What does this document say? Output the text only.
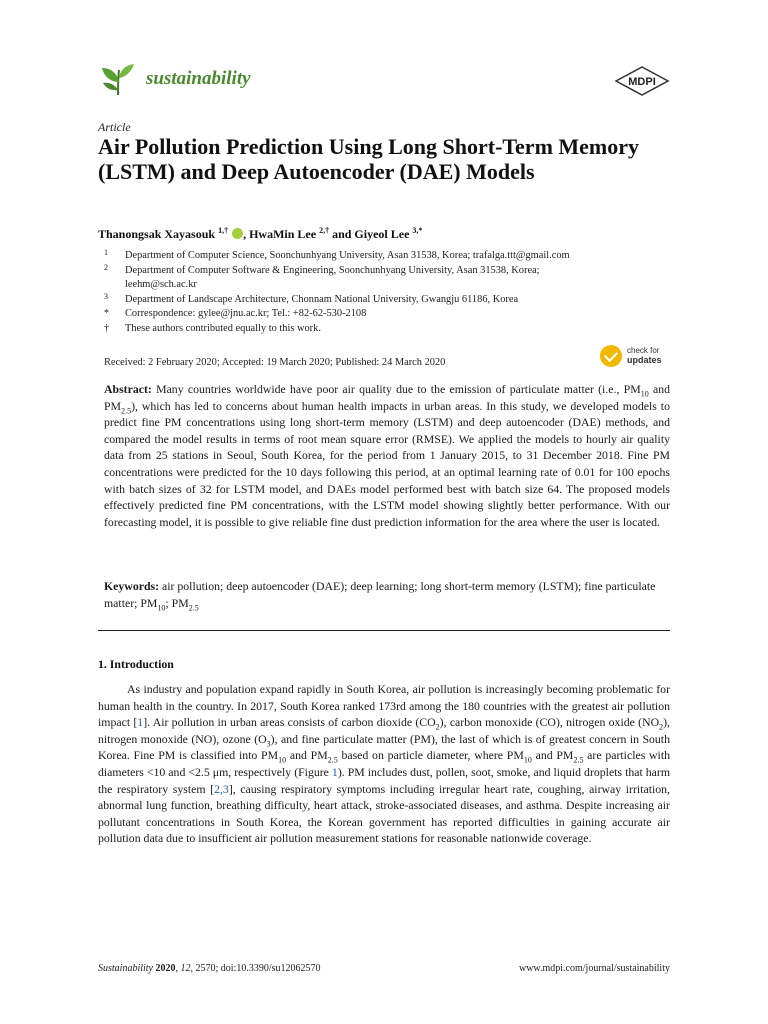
sustainability	MDPI
Article
Air Pollution Prediction Using Long Short-Term Memory (LSTM) and Deep Autoencoder (DAE) Models
Thanongsak Xayasouk $^{1,\dagger}$ , HwaMin Lee $^{2,\dagger}$ and Giyeol Lee $^{3,*}$
1 Department of Computer Science, Soonchunhyang University, Asan 31538, Korea; trafalga.ttt@gmail.com
2 Department of Computer Software & Engineering, Soonchunhyang University, Asan 31538, Korea;
leehm@sch.ac.kr
3 Department of Landscape Architecture, Chonnam National University, Gwangju 61186, Korea
* Correspondence: gylee@jnu.ac.kr; Tel.: +82-62-530-2108
† These authors contributed equally to this work.
Received: 2 February 2020; Accepted: 19 March 2020; Published: 24 March 2020
check for
updates

Abstract: Many countries worldwide have poor air quality due to the emission of particulate matter (i.e., $PM_{10}$ and $PM_{2.5}$), which has led to concerns about human health impacts in urban areas. In this study, we developed models to predict fine PM concentrations using long short-term memory (LSTM) and deep autoencoder (DAE) methods, and compared the model results in terms of root mean square error (RMSE). We applied the models to hourly air quality data from 25 stations in Seoul, South Korea, for the period from 1 January 2015, to 31 December 2018. Fine PM concentrations were predicted for the 10 days following this period, at an optimal learning rate of 0.01 for 100 epochs with batch sizes of 32 for LSTM model, and DAEs model performed best with batch size 64. The proposed models effectively predicted fine PM concentrations, with the LSTM model showing slightly better performance. With our forecasting model, it is possible to give reliable fine dust prediction information for the area where the user is located.

Keywords: air pollution; deep autoencoder (DAE); deep learning; long short-term memory (LSTM); fine particulate matter; $PM_{10}$; $PM_{2.5}$

1. Introduction

As industry and population expand rapidly in South Korea, air pollution is increasingly becoming problematic for human health in the country. In 2017, South Korea ranked 173rd among the 180 countries with the greatest air pollution impact [1]. Air pollution in urban areas consists of carbon dioxide $(CO_2)$, carbon monoxide (CO), nitrogen oxide $(NO_2)$, nitrogen monoxide (NO), ozone $(O_3)$, and fine particulate matter (PM), the last of which is of greatest concern in South Korea. Fine PM is classified into $PM_{10}$ and $PM_{2.5}$ based on particle diameter, where $PM_{10}$ and $PM_{2.5}$ are particles with diameters <10 and <2.5 μm, respectively (Figure 1). PM includes dust, pollen, soot, smoke, and liquid droplets that harm the respiratory system [2,3], causing respiratory symptoms including irregular heart rate, coughing, airway irritation, abnormal lung function, breathing difficulty, heart attack, stroke-associated diseases, and asthma. Despite increasing air pollutant concentrations in South Korea, the Korean government has reported difficulties in gaining accurate air pollution data due to insufficient air pollution measurement stations for reasonable nationwide coverage.

Sustainability 2020, 12, 2570; doi:10.3390/su12062570	www.mdpi.com/journal/sustainability
